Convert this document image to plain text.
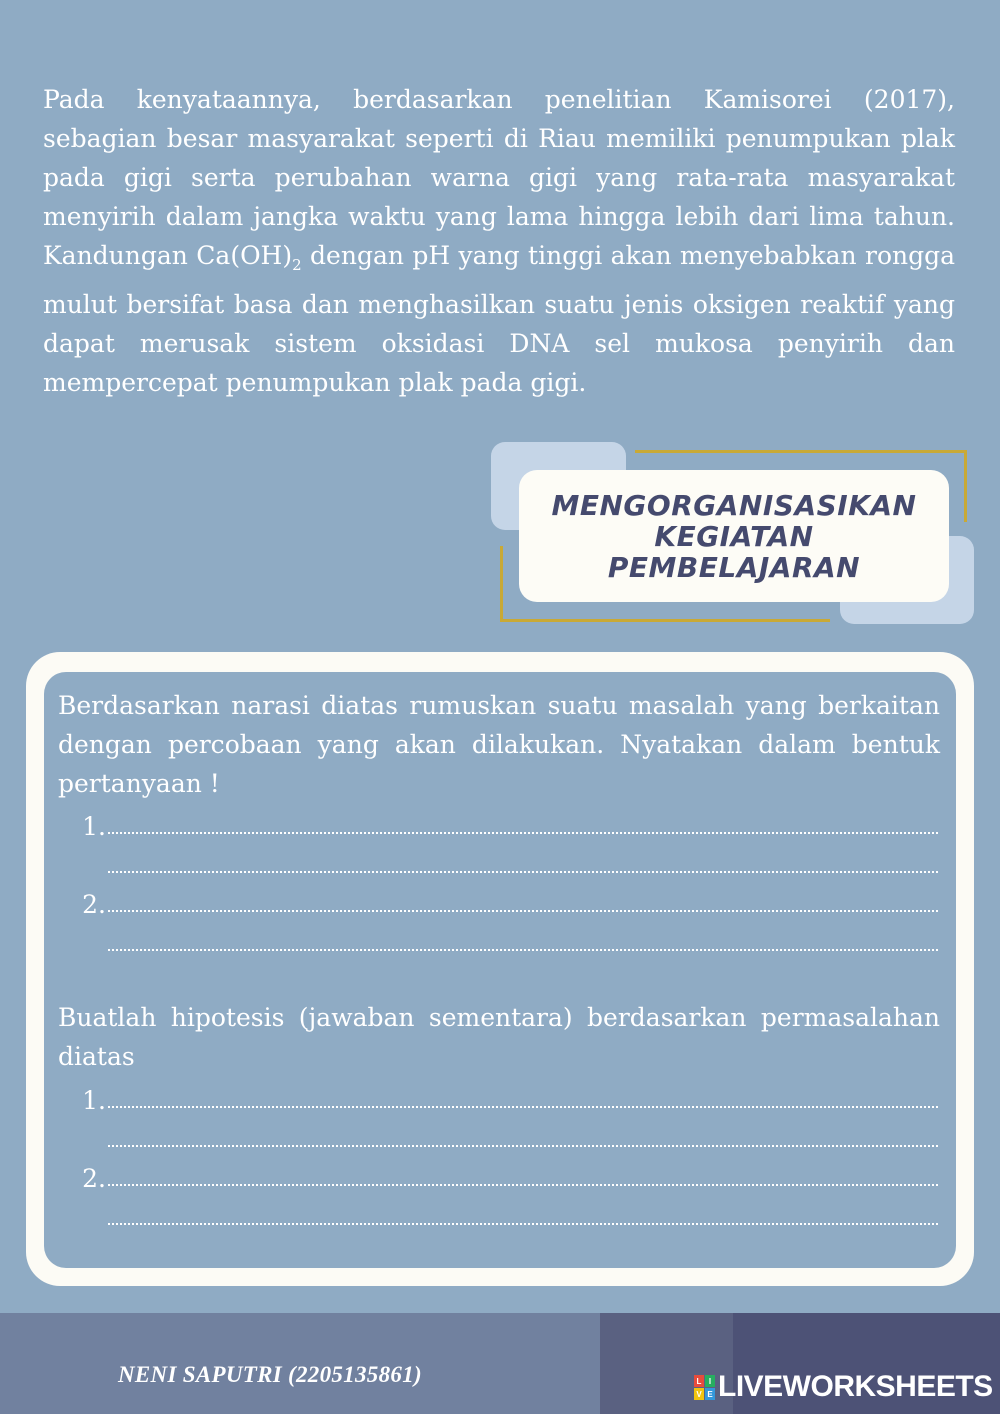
Pada kenyataannya, berdasarkan penelitian Kamisorei (2017), sebagian besar masyarakat seperti di Riau memiliki penumpukan plak pada gigi serta perubahan warna gigi yang rata-rata masyarakat menyirih dalam jangka waktu yang lama hingga lebih dari lima tahun. Kandungan $Ca(OH)_2$ dengan pH yang tinggi akan menyebabkan rongga mulut bersifat basa dan menghasilkan suatu jenis oksigen reaktif yang dapat merusak sistem oksidasi DNA sel mukosa penyirih dan mempercepat penumpukan plak pada gigi.
MENGORGANISASIKAN
KEGIATAN
PEMBELAJARAN
Berdasarkan narasi diatas rumuskan suatu masalah yang berkaitan dengan percobaan yang akan dilakukan. Nyatakan dalam bentuk pertanyaan !
1.
2.
Buatlah hipotesis (jawaban sementara) berdasarkan permasalahan diatas
1.
2.
NENI SAPUTRI (2205135861)	L I
V E LIVEWORKSHEETS
